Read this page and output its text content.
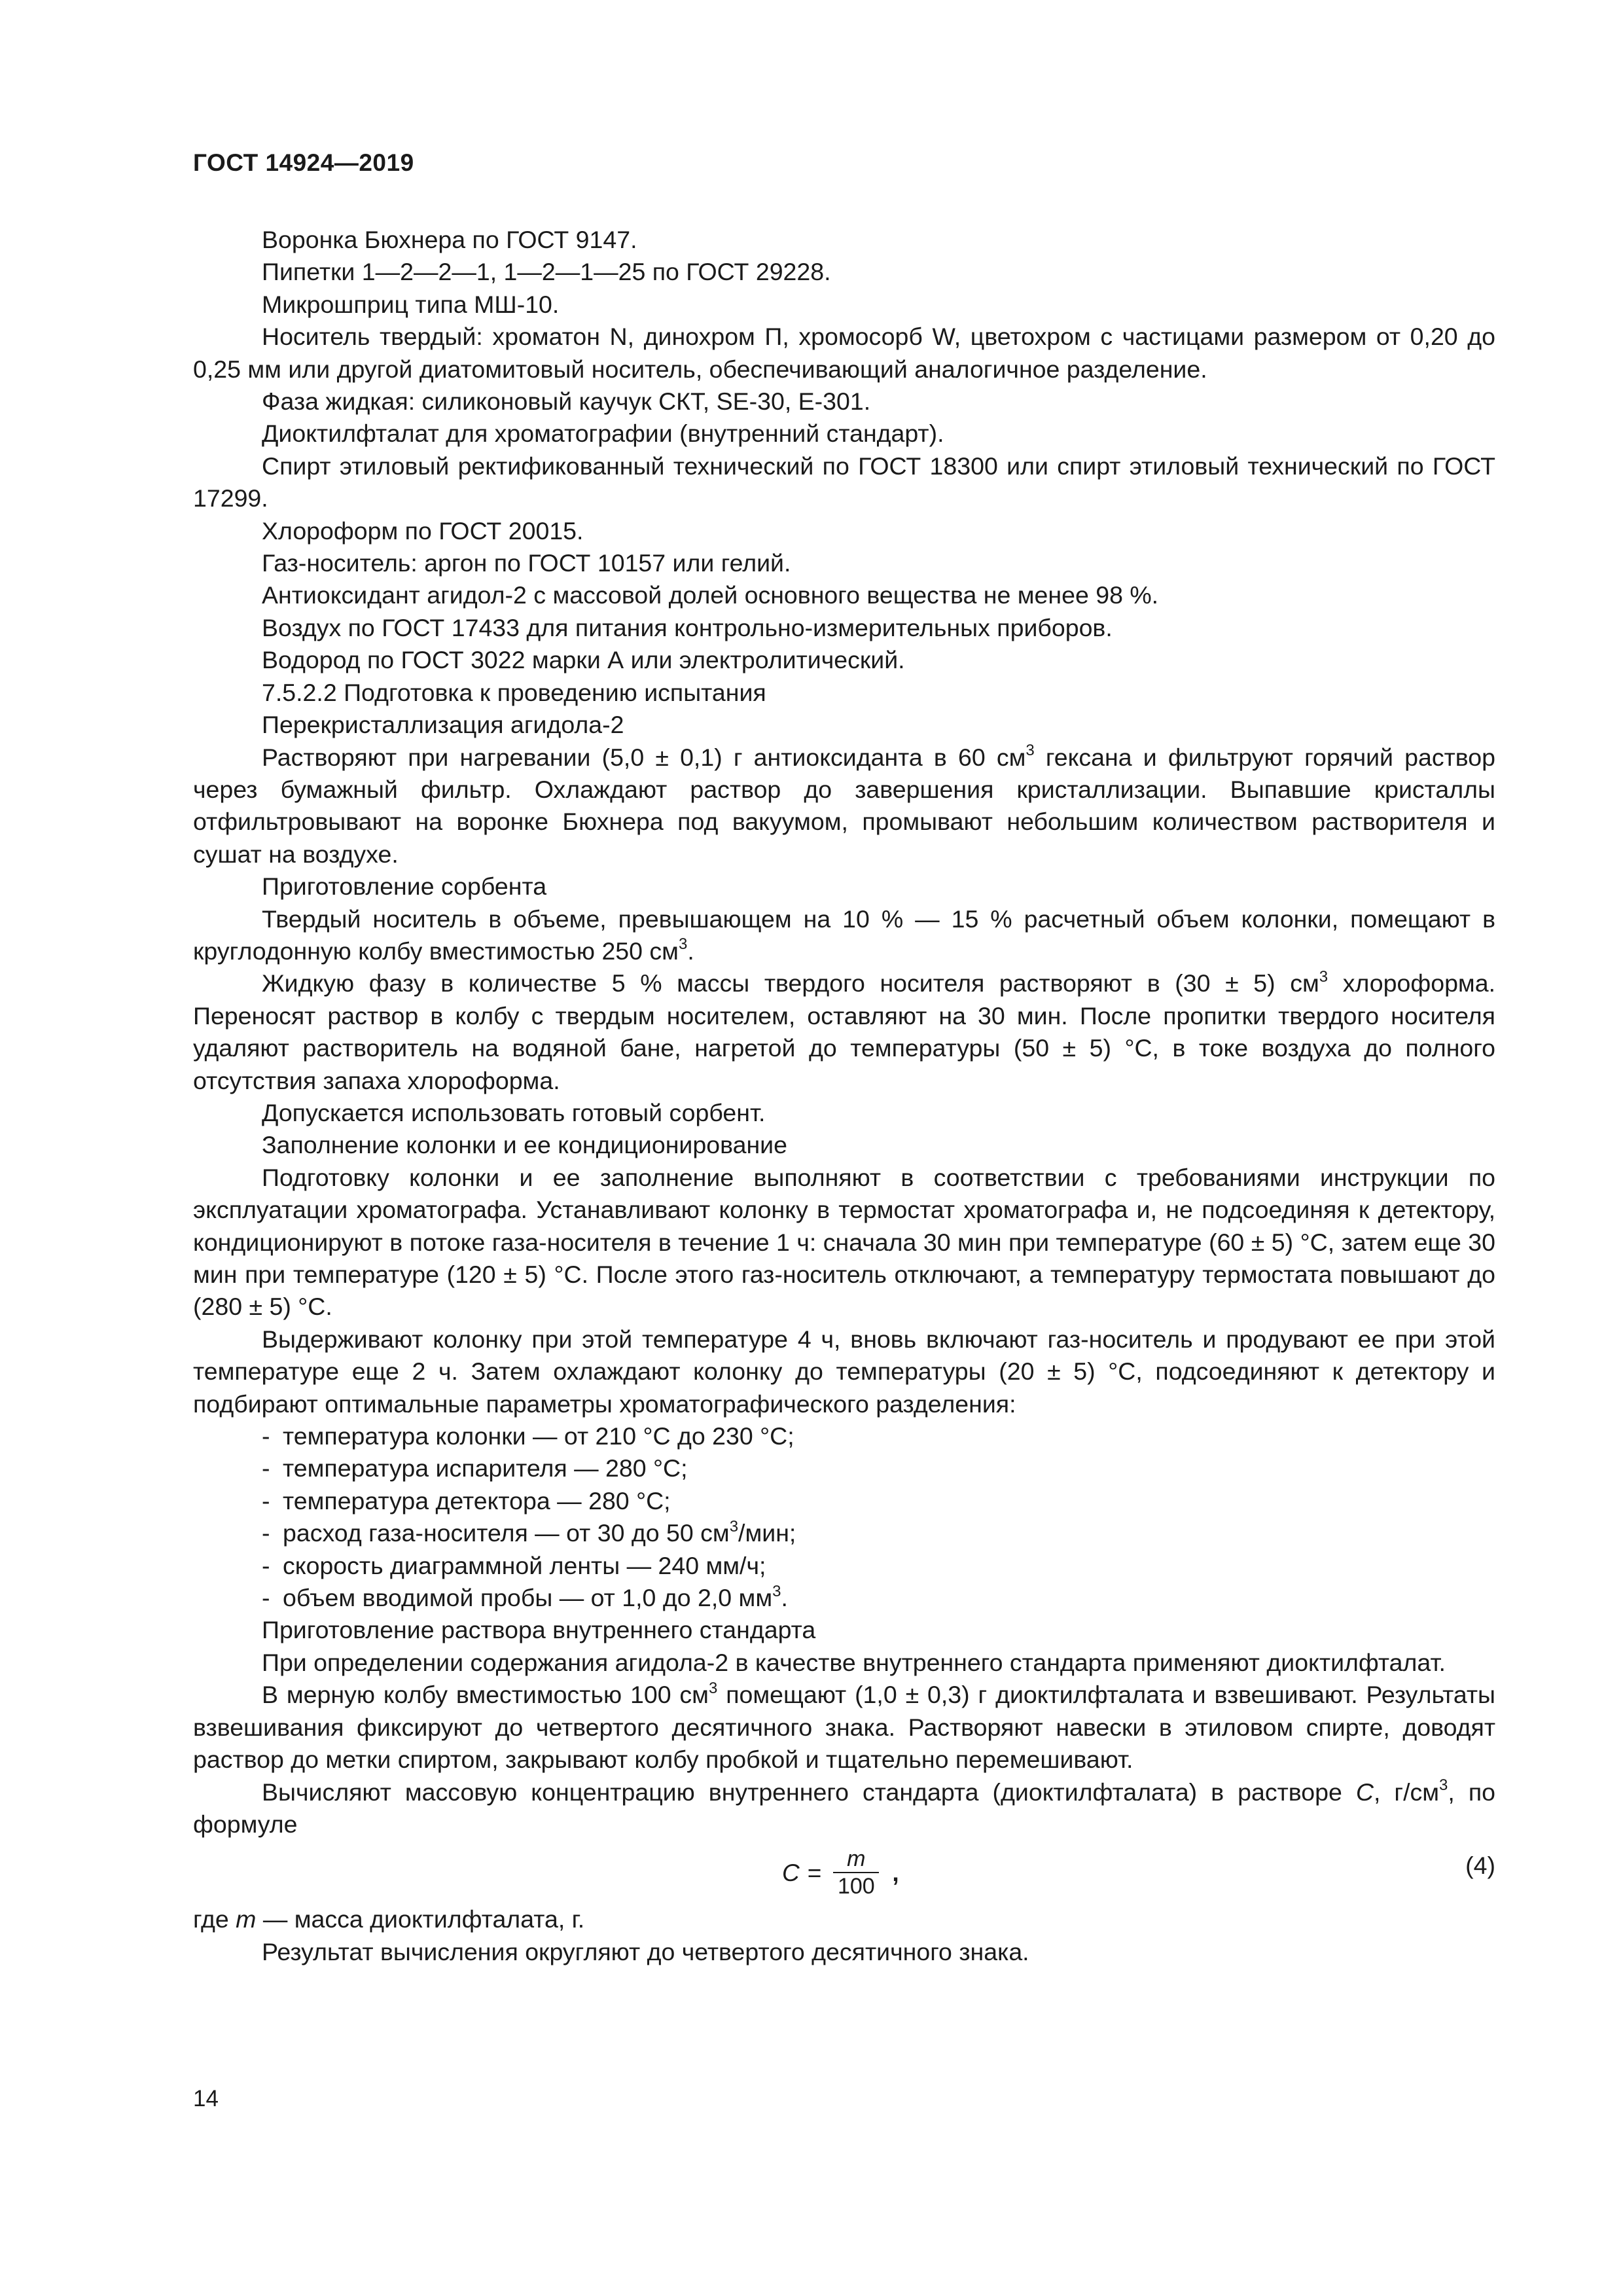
ГОСТ 14924—2019

Воронка Бюхнера по ГОСТ 9147.

Пипетки 1—2—2—1, 1—2—1—25 по ГОСТ 29228.

Микрошприц типа МШ-10.

Носитель твердый: хроматон N, динохром П, хромосорб W, цветохром с частицами размером от 0,20 до 0,25 мм или другой диатомитовый носитель, обеспечивающий аналогичное разделение.

Фаза жидкая: силиконовый каучук СКТ, SE-30, Е-301.

Диоктилфталат для хроматографии (внутренний стандарт).

Спирт этиловый ректификованный технический по ГОСТ 18300 или спирт этиловый технический по ГОСТ 17299.

Хлороформ по ГОСТ 20015.

Газ-носитель: аргон по ГОСТ 10157 или гелий.

Антиоксидант агидол-2 с массовой долей основного вещества не менее 98 %.

Воздух по ГОСТ 17433 для питания контрольно-измерительных приборов.

Водород по ГОСТ 3022 марки А или электролитический.

7.5.2.2 Подготовка к проведению испытания

Перекристаллизация агидола-2

Растворяют при нагревании (5,0 ± 0,1) г антиоксиданта в 60 $см^3$ гексана и фильтруют горячий раствор через бумажный фильтр. Охлаждают раствор до завершения кристаллизации. Выпавшие кристаллы отфильтровывают на воронке Бюхнера под вакуумом, промывают небольшим количеством растворителя и сушат на воздухе.

Приготовление сорбента

Твердый носитель в объеме, превышающем на 10 % — 15 % расчетный объем колонки, помещают в круглодонную колбу вместимостью 250 $см^3$.

Жидкую фазу в количестве 5 % массы твердого носителя растворяют в (30 ± 5) $см^3$ хлороформа. Переносят раствор в колбу с твердым носителем, оставляют на 30 мин. После пропитки твердого носителя удаляют растворитель на водяной бане, нагретой до температуры (50 ± 5) °С, в токе воздуха до полного отсутствия запаха хлороформа.

Допускается использовать готовый сорбент.

Заполнение колонки и ее кондиционирование

Подготовку колонки и ее заполнение выполняют в соответствии с требованиями инструкции по эксплуатации хроматографа. Устанавливают колонку в термостат хроматографа и, не подсоединяя к детектору, кондиционируют в потоке газа-носителя в течение 1 ч: сначала 30 мин при температуре (60 ± 5) °С, затем еще 30 мин при температуре (120 ± 5) °С. После этого газ-носитель отключают, а температуру термостата повышают до (280 ± 5) °С.

Выдерживают колонку при этой температуре 4 ч, вновь включают газ-носитель и продувают ее при этой температуре еще 2 ч. Затем охлаждают колонку до температуры (20 ± 5) °С, подсоединяют к детектору и подбирают оптимальные параметры хроматографического разделения:

- температура колонки — от 210 °С до 230 °С;

- температура испарителя — 280 °С;

- температура детектора — 280 °С;

- расход газа-носителя — от 30 до 50 $см^3$/мин;

- скорость диаграммной ленты — 240 мм/ч;

- объем вводимой пробы — от 1,0 до 2,0 $мм^3$.

Приготовление раствора внутреннего стандарта

При определении содержания агидола-2 в качестве внутреннего стандарта применяют диоктилфталат.

В мерную колбу вместимостью 100 $см^3$ помещают (1,0 ± 0,3) г диоктилфталата и взвешивают. Результаты взвешивания фиксируют до четвертого десятичного знака. Растворяют навески в этиловом спирте, доводят раствор до метки спиртом, закрывают колбу пробкой и тщательно перемешивают.

Вычисляют массовую концентрацию внутреннего стандарта (диоктилфталата) в растворе С, $г/см^3$, по формуле

$C = \frac{m}{100}$ ,	(4)

где m — масса диоктилфталата, г.

Результат вычисления округляют до четвертого десятичного знака.

14
